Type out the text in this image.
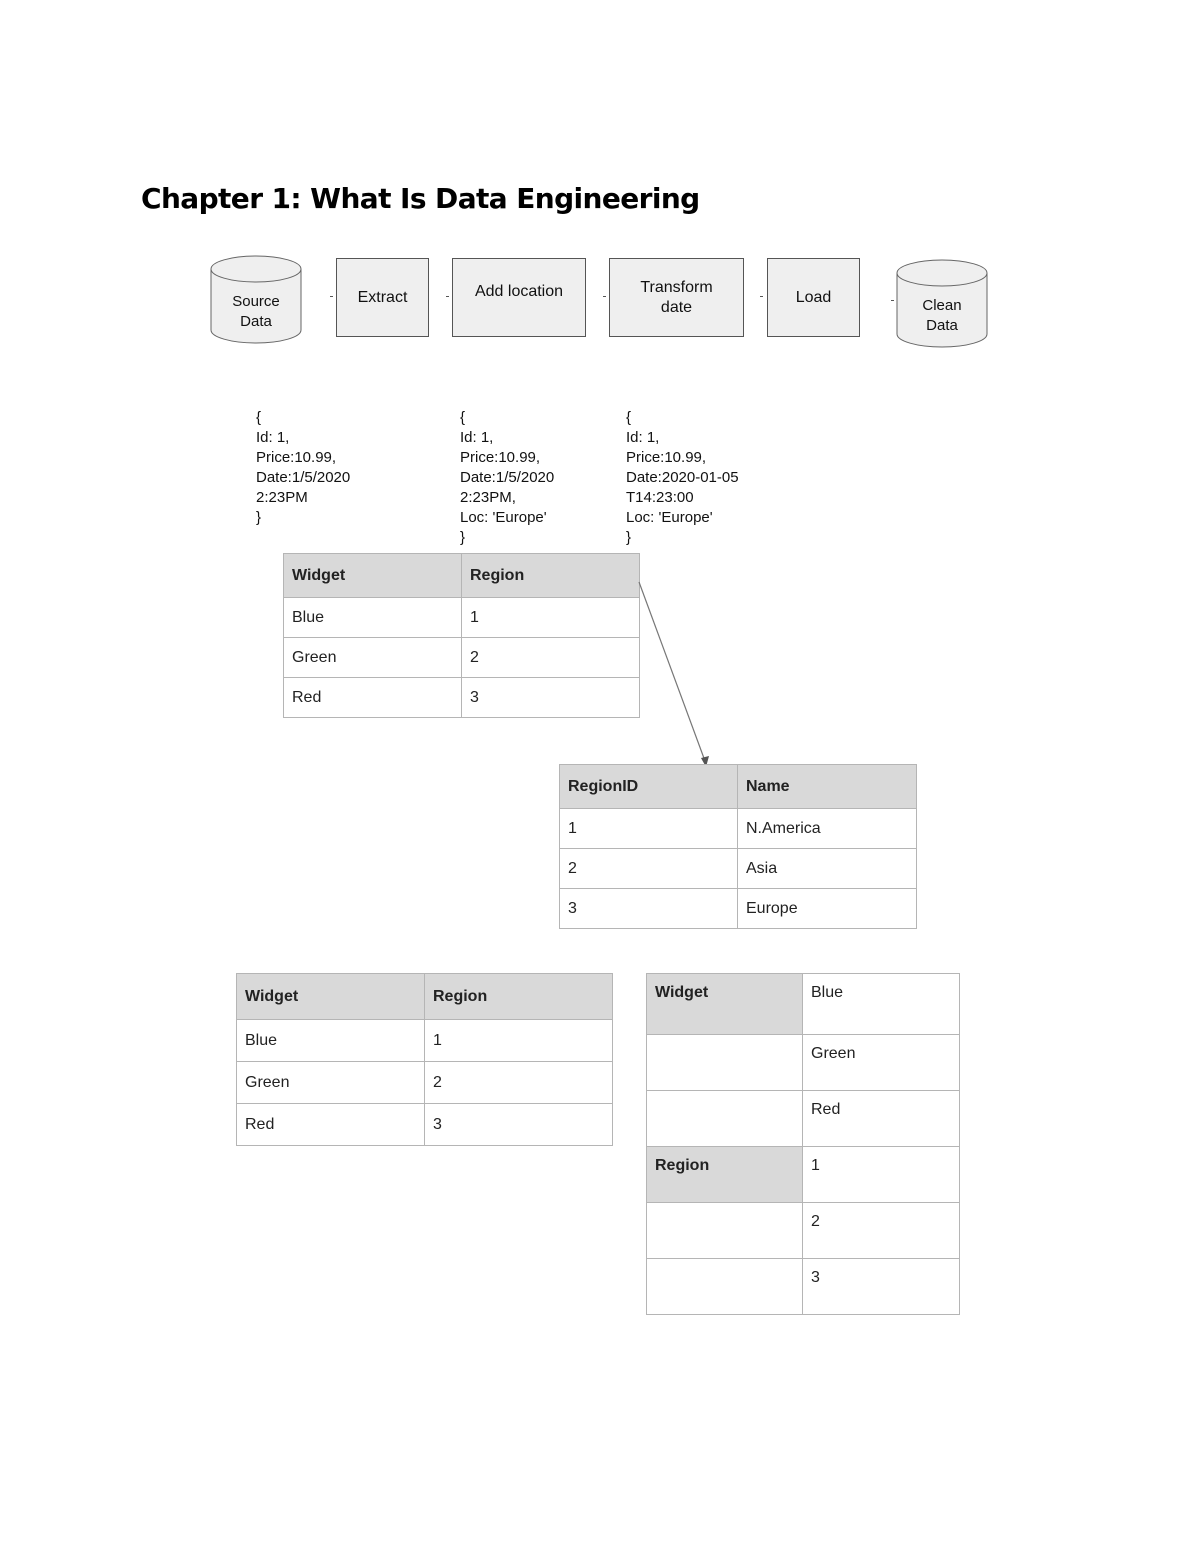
Chapter 1: What Is Data Engineering
Source
Data
Extract	Add location	Transform
date
Load	Clean
Data

{
Id: 1,
Price:10.99,
Date:1/5/2020
2:23PM
}

{
Id: 1,
Price:10.99,
Date:1/5/2020
2:23PM,
Loc: 'Europe'
}

{
Id: 1,
Price:10.99,
Date:2020-01-05
T14:23:00
Loc: 'Europe'
}

Widget	Region
Blue	1
Green	2
Red	3
RegionID	Name
1	N.America
2	Asia
3	Europe
Widget	Region
Blue	1
Green	2
Red	3
Widget	Blue
	Green
	Red
Region	1
	2
	3
